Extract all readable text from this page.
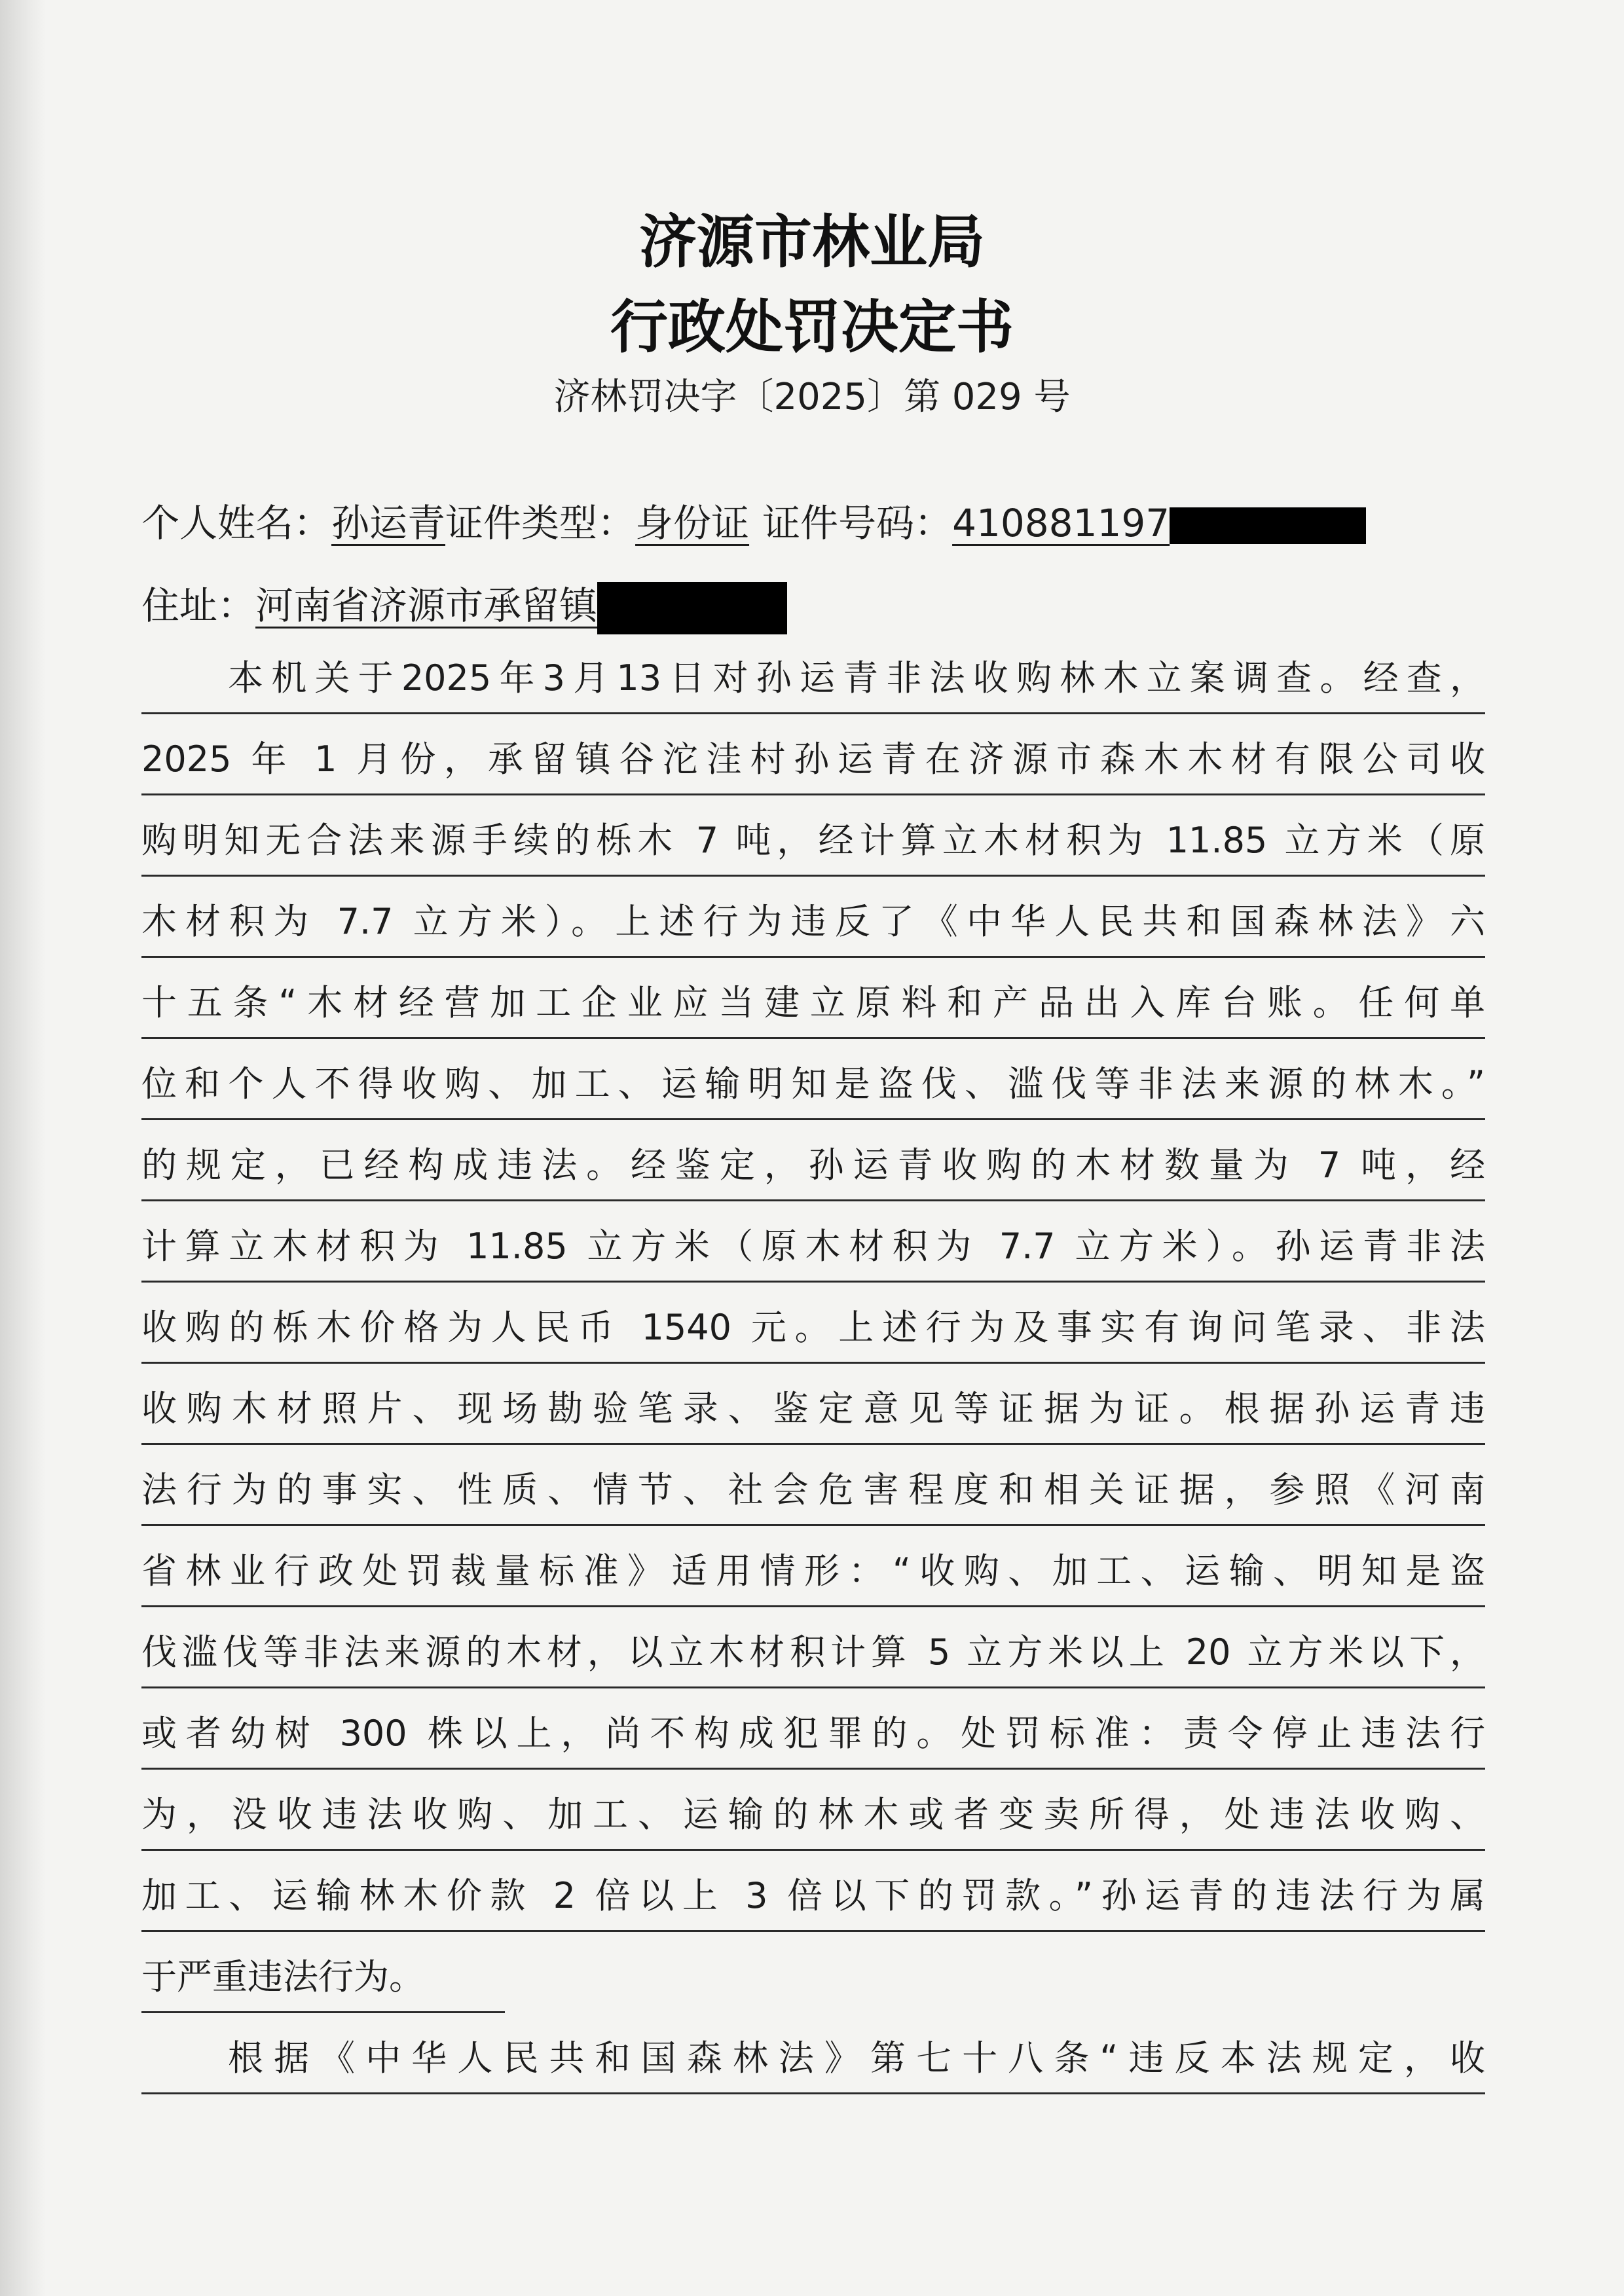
济源市林业局
行政处罚决定书
济林罚决字〔2025〕第 029 号
个人姓名：孙运青证件类型：身份证 证件号码：410881197
住址：河南省济源市承留镇
本机关于2025年3月13日对孙运青非法收购林木立案调查。经查，
2025 年 1 月份，承留镇谷沱洼村孙运青在济源市森木木材有限公司收
购明知无合法来源手续的栎木 7 吨，经计算立木材积为 11.85 立方米（原
木材积为 7.7 立方米）。上述行为违反了《中华人民共和国森林法》六
十五条“木材经营加工企业应当建立原料和产品出入库台账。任何单
位和个人不得收购、加工、运输明知是盗伐、滥伐等非法来源的林木。”
的规定，已经构成违法。经鉴定，孙运青收购的木材数量为 7 吨，经
计算立木材积为 11.85 立方米（原木材积为 7.7 立方米）。孙运青非法
收购的栎木价格为人民币 1540 元。上述行为及事实有询问笔录、非法
收购木材照片、现场勘验笔录、鉴定意见等证据为证。根据孙运青违
法行为的事实、性质、情节、社会危害程度和相关证据，参照《河南
省林业行政处罚裁量标准》适用情形：“收购、加工、运输、明知是盗
伐滥伐等非法来源的木材，以立木材积计算 5 立方米以上 20 立方米以下，
或者幼树 300 株以上，尚不构成犯罪的。处罚标准：责令停止违法行
为，没收违法收购、加工、运输的林木或者变卖所得，处违法收购、
加工、运输林木价款 2 倍以上 3 倍以下的罚款。”孙运青的违法行为属
于严重违法行为。
根据《中华人民共和国森林法》第七十八条“违反本法规定，收
